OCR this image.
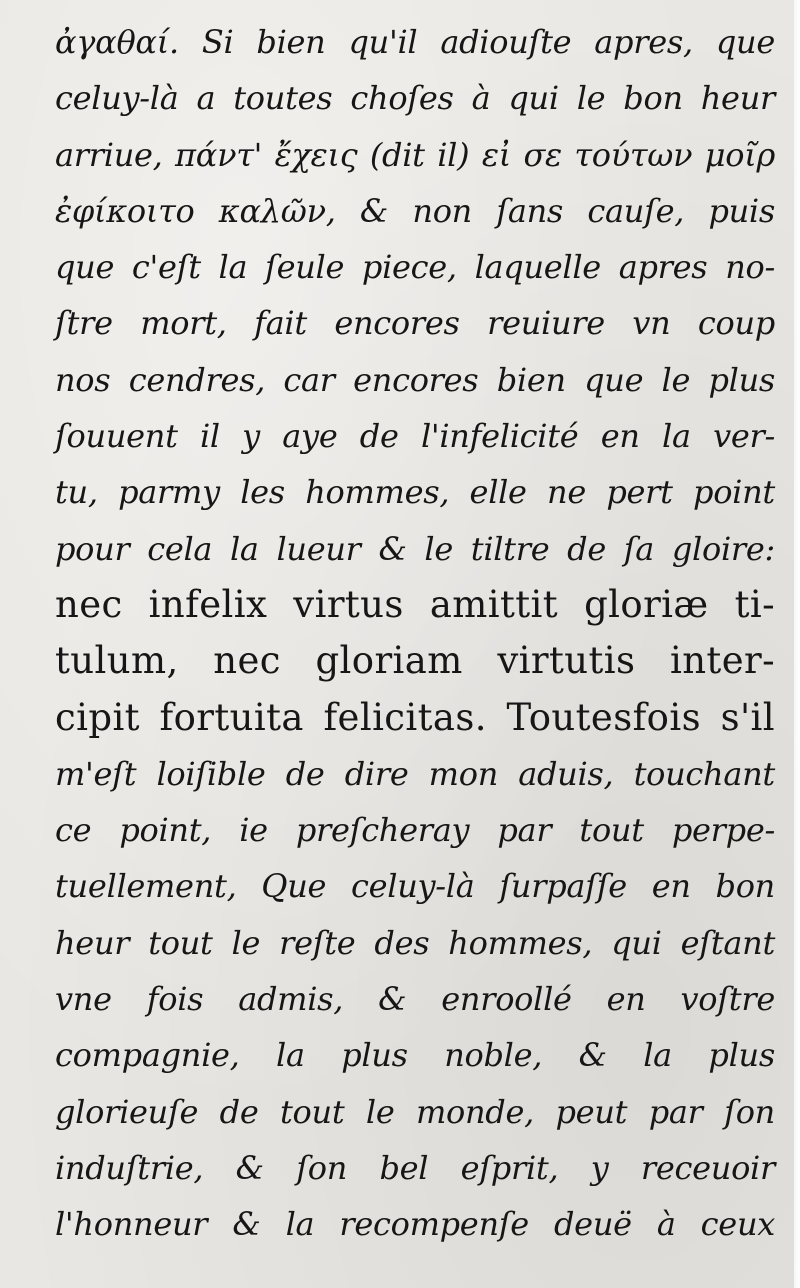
ἀγαθαί. Si bien qu'il adiouſte apres, que
celuy-là a toutes choſes à qui le bon heur
arriue, πάντ' ἔχεις (dit il) εἰ σε τούτων μοῖρ
ἐφίκοιτο καλῶν, & non ſans cauſe, puis
que c'eſt la ſeule piece, laquelle apres no-
ſtre mort, fait encores reuiure vn coup
nos cendres, car encores bien que le plus
ſouuent il y aye de l'infelicité en la ver-
tu, parmy les hommes, elle ne pert point
pour cela la lueur & le tiltre de ſa gloire:
nec infelix virtus amittit gloriæ ti-
tulum, nec gloriam virtutis inter-
cipit fortuita felicitas. Toutesfois s'il
m'eſt loiſible de dire mon aduis, touchant
ce point, ie preſcheray par tout perpe-
tuellement, Que celuy-là ſurpaſſe en bon
heur tout le reſte des hommes, qui eſtant
vne fois admis, & enroollé en voſtre
compagnie, la plus noble, & la plus
glorieuſe de tout le monde, peut par ſon
induſtrie, & ſon bel eſprit, y receuoir
l'honneur & la recompenſe deuë à ceux
